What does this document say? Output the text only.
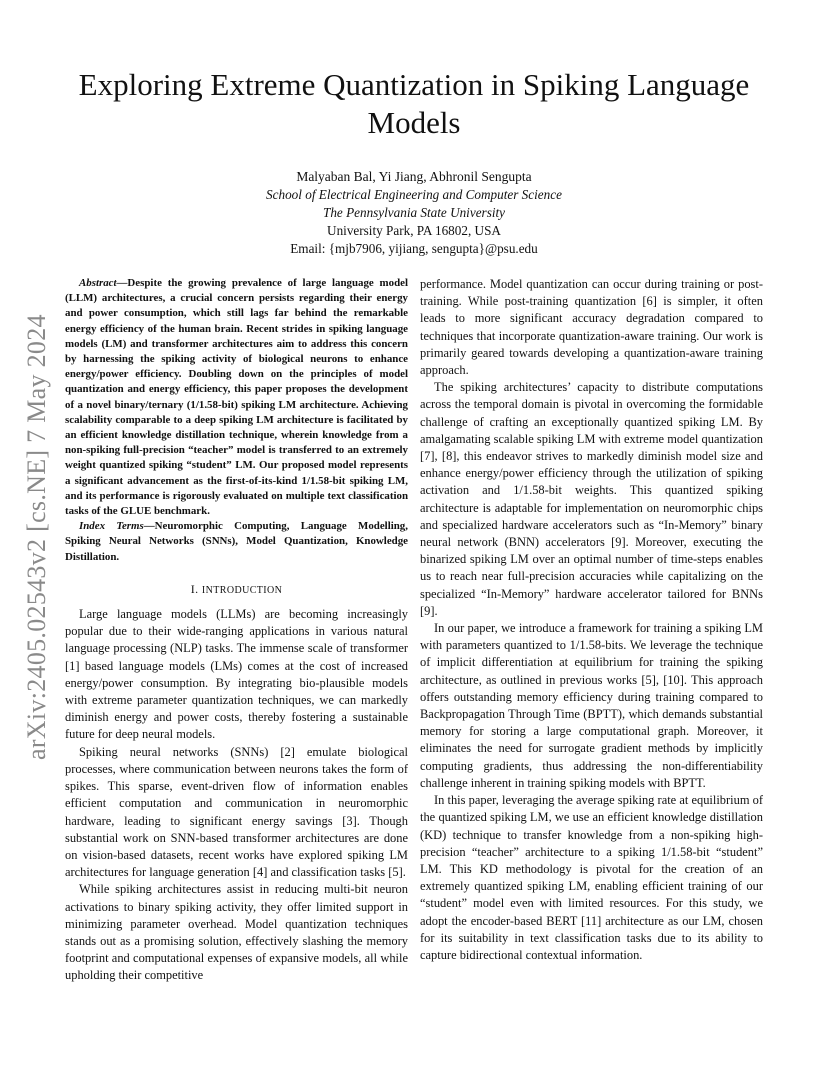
arXiv:2405.02543v2 [cs.NE] 7 May 2024
Exploring Extreme Quantization in Spiking Language Models
Malyaban Bal, Yi Jiang, Abhronil Sengupta
School of Electrical Engineering and Computer Science
The Pennsylvania State University
University Park, PA 16802, USA
Email: {mjb7906, yijiang, sengupta}@psu.edu

Abstract—Despite the growing prevalence of large language model (LLM) architectures, a crucial concern persists regarding their energy and power consumption, which still lags far behind the remarkable energy efficiency of the human brain. Recent strides in spiking language models (LM) and transformer architectures aim to address this concern by harnessing the spiking activity of biological neurons to enhance energy/power efficiency. Doubling down on the principles of model quantization and energy efficiency, this paper proposes the development of a novel binary/ternary (1/1.58-bit) spiking LM architecture. Achieving scalability comparable to a deep spiking LM architecture is facilitated by an efficient knowledge distillation technique, wherein knowledge from a non-spiking full-precision “teacher” model is transferred to an extremely weight quantized spiking “student” LM. Our proposed model represents a significant advancement as the first-of-its-kind 1/1.58-bit spiking LM, and its performance is rigorously evaluated on multiple text classification tasks of the GLUE benchmark.

Index Terms—Neuromorphic Computing, Language Modelling, Spiking Neural Networks (SNNs), Model Quantization, Knowledge Distillation.

I. INTRODUCTION

Large language models (LLMs) are becoming increasingly popular due to their wide-ranging applications in various natural language processing (NLP) tasks. The immense scale of transformer [1] based language models (LMs) comes at the cost of increased energy/power consumption. By integrating bio-plausible models with extreme parameter quantization techniques, we can markedly diminish energy and power costs, thereby fostering a sustainable future for deep neural models.

Spiking neural networks (SNNs) [2] emulate biological processes, where communication between neurons takes the form of spikes. This sparse, event-driven flow of information enables efficient computation and communication in neuromorphic hardware, leading to significant energy savings [3]. Though substantial work on SNN-based transformer architectures are done on vision-based datasets, recent works have explored spiking LM architectures for language generation [4] and classification tasks [5].

While spiking architectures assist in reducing multi-bit neuron activations to binary spiking activity, they offer limited support in minimizing parameter overhead. Model quantization techniques stands out as a promising solution, effectively slashing the memory footprint and computational expenses of expansive models, all while upholding their competitive

performance. Model quantization can occur during training or post-training. While post-training quantization [6] is simpler, it often leads to more significant accuracy degradation compared to techniques that incorporate quantization-aware training. Our work is primarily geared towards developing a quantization-aware training approach.

The spiking architectures’ capacity to distribute computations across the temporal domain is pivotal in overcoming the formidable challenge of crafting an exceptionally quantized spiking LM. By amalgamating scalable spiking LM with extreme model quantization [7], [8], this endeavor strives to markedly diminish model size and enhance energy/power efficiency through the utilization of spiking activation and 1/1.58-bit weights. This quantized spiking architecture is adaptable for implementation on neuromorphic chips and specialized hardware accelerators such as “In-Memory” binary neural network (BNN) accelerators [9]. Moreover, executing the binarized spiking LM over an optimal number of time-steps enables us to reach near full-precision accuracies while capitalizing on the specialized “In-Memory” hardware accelerator tailored for BNNs [9].

In our paper, we introduce a framework for training a spiking LM with parameters quantized to 1/1.58-bits. We leverage the technique of implicit differentiation at equilibrium for training the spiking architecture, as outlined in previous works [5], [10]. This approach offers outstanding memory efficiency during training compared to Backpropagation Through Time (BPTT), which demands substantial memory for storing a large computational graph. Moreover, it eliminates the need for surrogate gradient methods by implicitly computing gradients, thus addressing the non-differentiability challenge inherent in training spiking models with BPTT.

In this paper, leveraging the average spiking rate at equilibrium of the quantized spiking LM, we use an efficient knowledge distillation (KD) technique to transfer knowledge from a non-spiking high-precision “teacher” architecture to a spiking 1/1.58-bit “student” LM. This KD methodology is pivotal for the creation of an extremely quantized spiking LM, enabling efficient training of our “student” model even with limited resources. For this study, we adopt the encoder-based BERT [11] architecture as our LM, chosen for its suitability in text classification tasks due to its ability to capture bidirectional contextual information.
